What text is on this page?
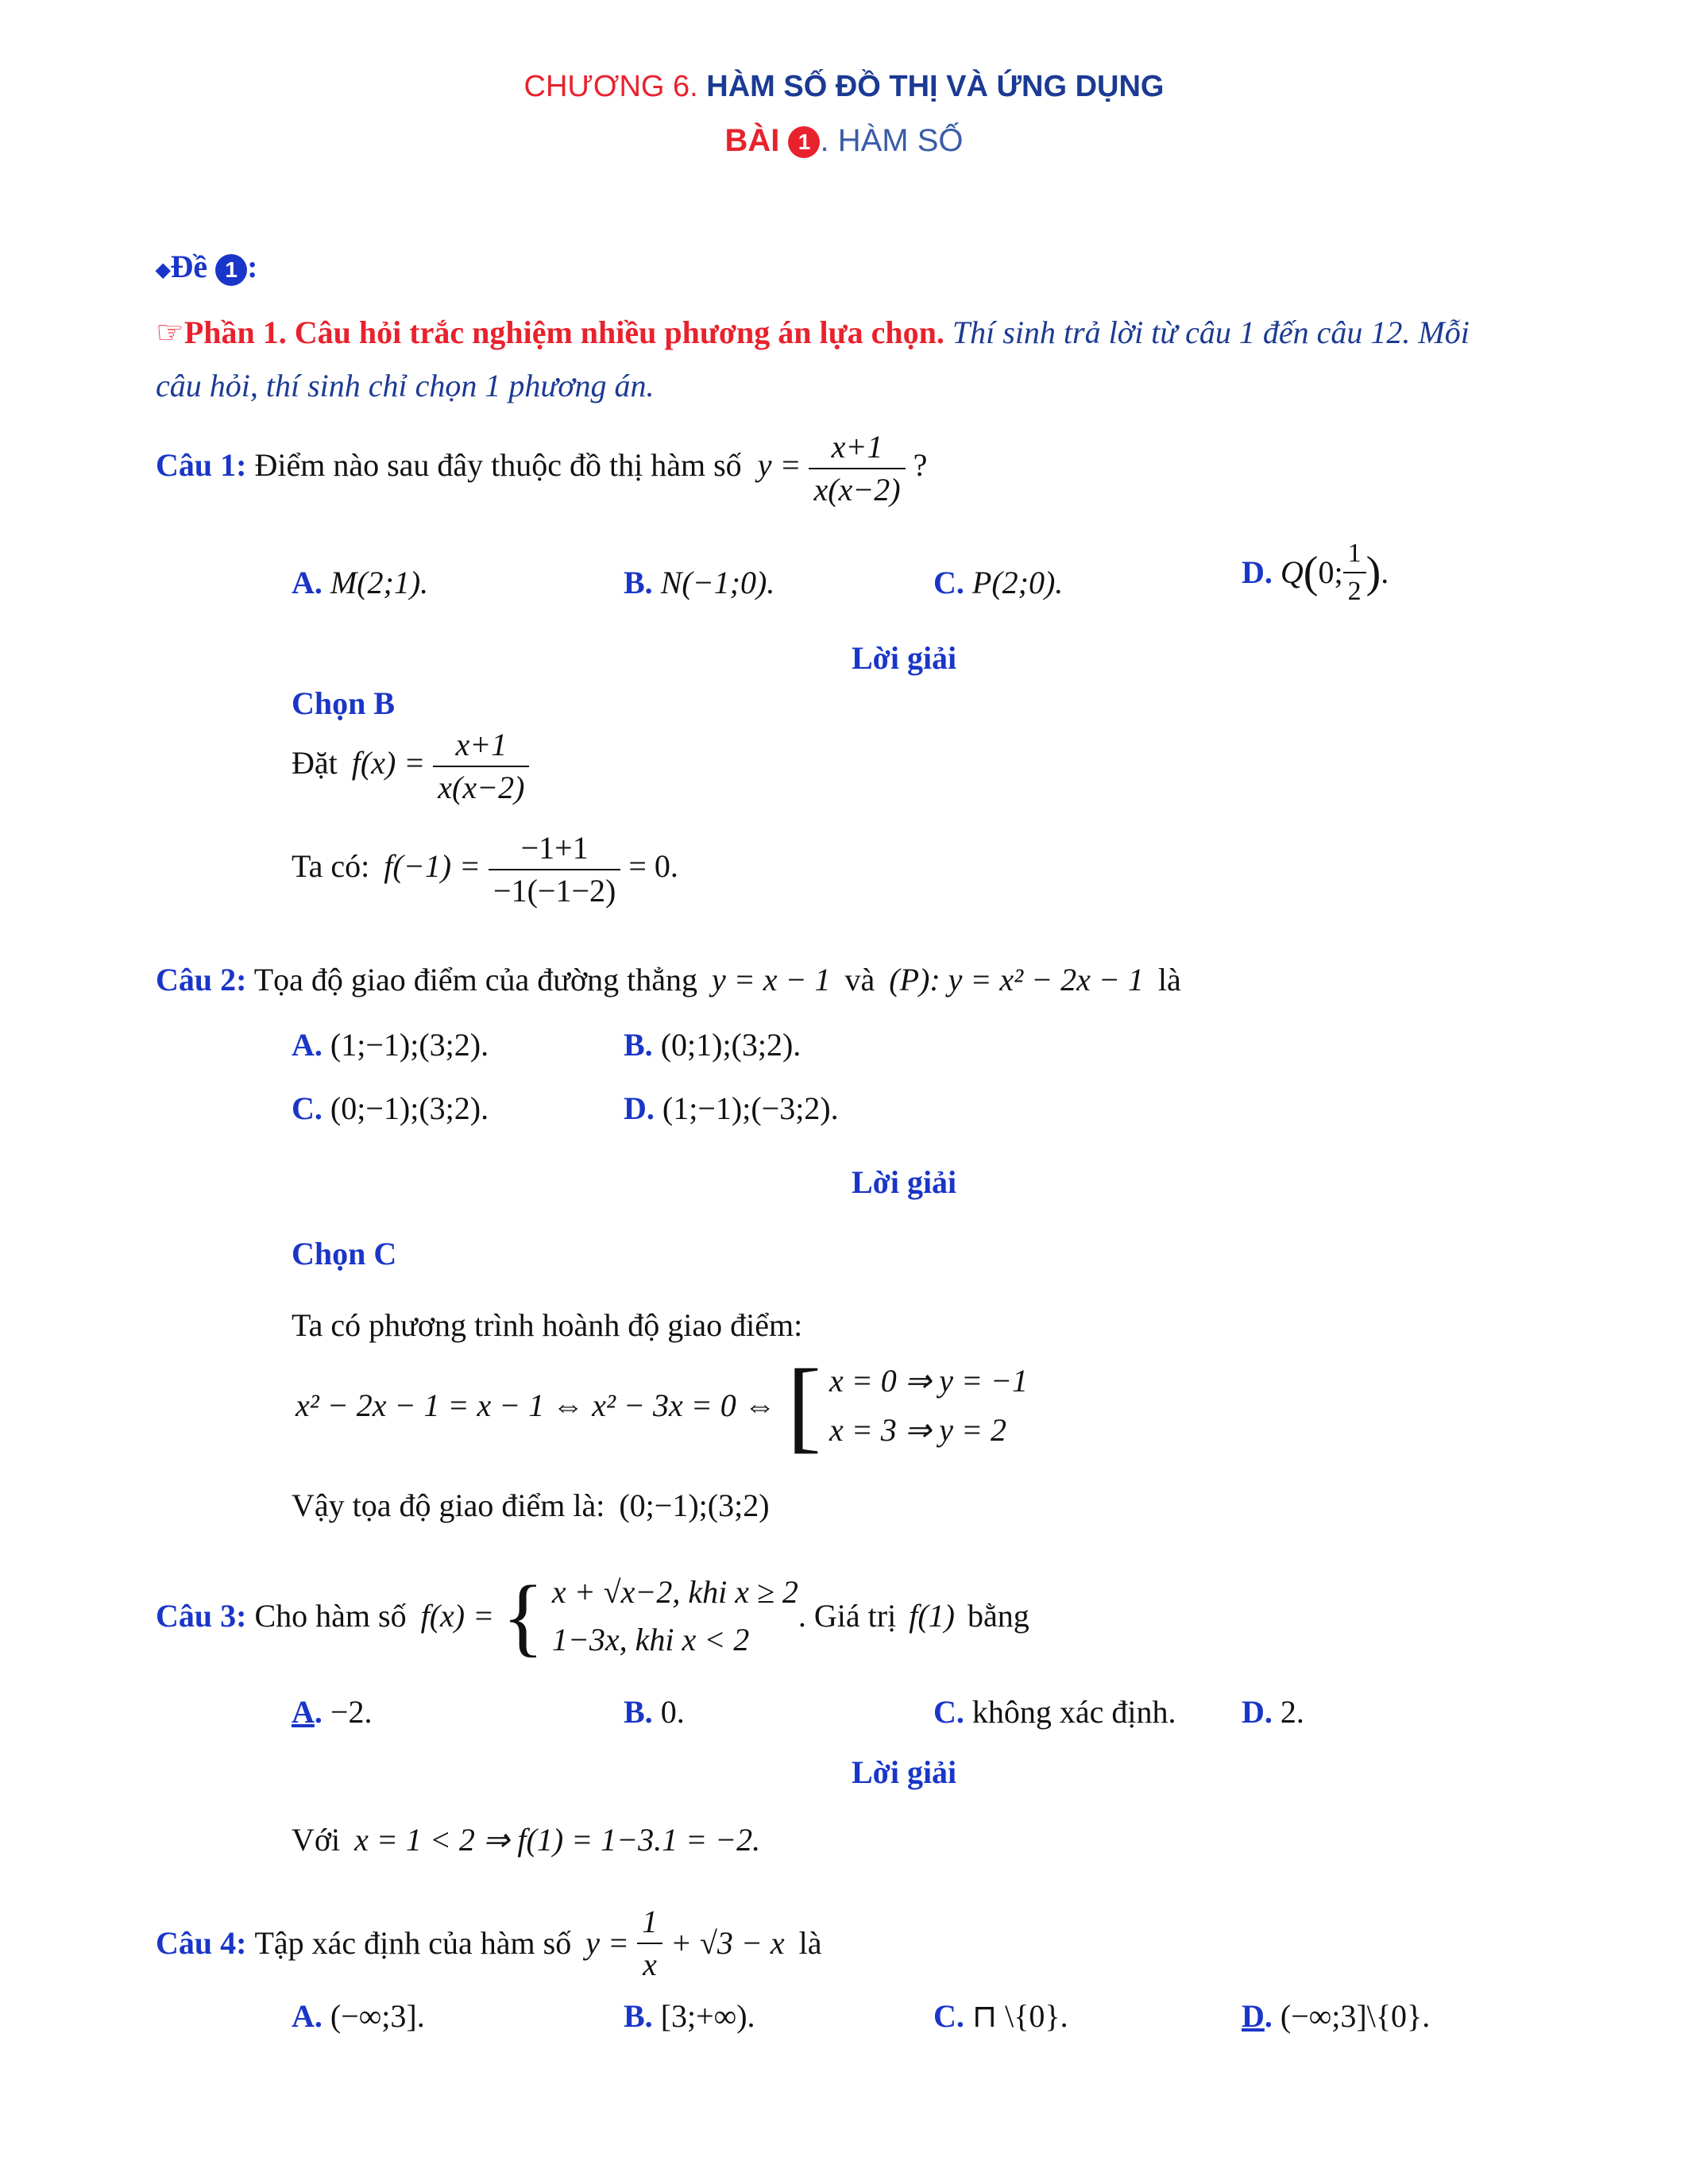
CHƯƠNG 6. HÀM SỐ ĐỒ THỊ VÀ ỨNG DỤNG
BÀI 1 . HÀM SỐ
◆Đề 1 :
☞Phần 1. Câu hỏi trắc nghiệm nhiều phương án lựa chọn. Thí sinh trả lời từ câu 1 đến câu 12. Mỗi
câu hỏi, thí sinh chỉ chọn 1 phương án.
Câu 1: Điểm nào sau đây thuộc đồ thị hàm số $y = \frac{x+1}{x(x-2)}$ ?
A. M(2;1).	B. N(−1;0).	C. P(2;0).	D. Q(0; $\frac{1}{2}$ ).
Lời giải
Chọn B
Đặt $f(x) = \frac{x+1}{x(x-2)}$
Ta có: $f(-1) = \frac{-1+1}{-1(-1-2)} = 0$.
Câu 2: Tọa độ giao điểm của đường thẳng y = x − 1 và (P): y = x² − 2x − 1 là
A. (1;−1);(3;2).	B. (0;1);(3;2).
C. (0;−1);(3;2).	D. (1;−1);(−3;2).
Lời giải
Chọn C
Ta có phương trình hoành độ giao điểm:
x² − 2x − 1 = x − 1 ⇔ x² − 3x = 0 ⇔ [ x = 0 ⇒ y = −1
x = 3 ⇒ y = 2
Vậy tọa độ giao điểm là: (0;−1);(3;2)
Câu 3: Cho hàm số f(x) = { x + √x−2, khi x ≥ 2
1−3x, khi x < 2
. Giá trị f(1) bằng
A. −2.	B. 0.	C. không xác định. D. 2.
Lời giải
Với x = 1 < 2 ⇒ f(1) = 1−3.1 = −2.
Câu 4: Tập xác định của hàm số $y = \frac{1}{x} + √3 - x$ là
A. (−∞;3].	B. [3;+∞).	C. ⊓ \{0}.	D. (−∞;3]\{0}.
